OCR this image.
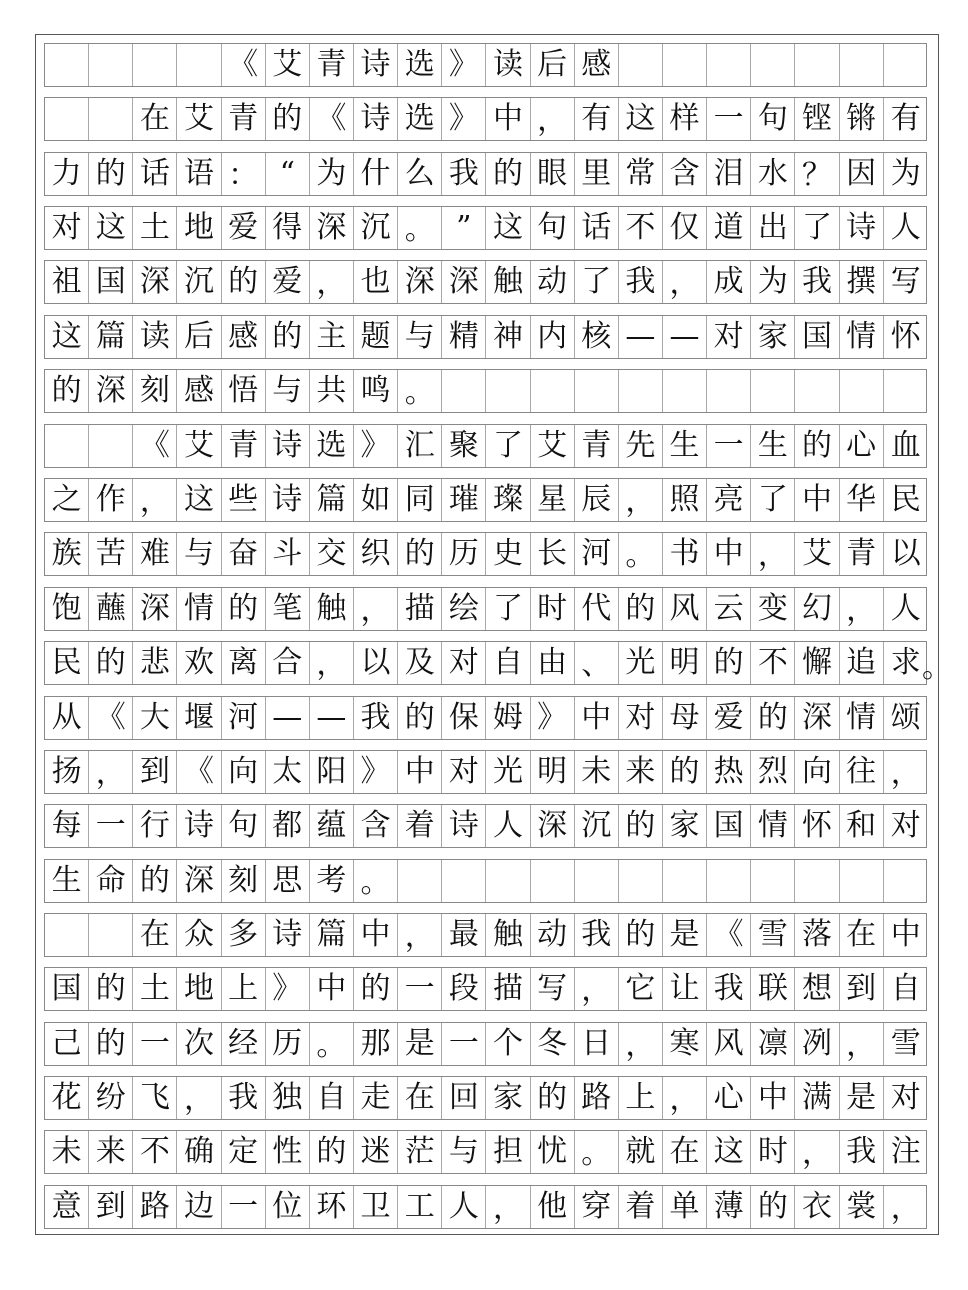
《 艾 青 诗 选 》 读 后 感
在 艾 青 的 《 诗 选 》 中 ， 有 这 样 一 句 铿 锵 有
力 的 话 语 ： “ 为 什 么 我 的 眼 里 常 含 泪 水 ？ 因 为
对 这 土 地 爱 得 深 沉 。 ” 这 句 话 不 仅 道 出 了 诗 人
祖 国 深 沉 的 爱 ， 也 深 深 触 动 了 我 ， 成 为 我 撰 写
这 篇 读 后 感 的 主 题 与 精 神 内 核 — — 对 家 国 情 怀
的 深 刻 感 悟 与 共 鸣 。
《 艾 青 诗 选 》 汇 聚 了 艾 青 先 生 一 生 的 心 血
之 作 ， 这 些 诗 篇 如 同 璀 璨 星 辰 ， 照 亮 了 中 华 民
族 苦 难 与 奋 斗 交 织 的 历 史 长 河 。 书 中 ， 艾 青 以
饱 蘸 深 情 的 笔 触 ， 描 绘 了 时 代 的 风 云 变 幻 ， 人
民 的 悲 欢 离 合 ， 以 及 对 自 由 、 光 明 的 不 懈 追 求 。
从 《 大 堰 河 — — 我 的 保 姆 》 中 对 母 爱 的 深 情 颂
扬 ， 到 《 向 太 阳 》 中 对 光 明 未 来 的 热 烈 向 往 ，
每 一 行 诗 句 都 蕴 含 着 诗 人 深 沉 的 家 国 情 怀 和 对
生 命 的 深 刻 思 考 。
在 众 多 诗 篇 中 ， 最 触 动 我 的 是 《 雪 落 在 中
国 的 土 地 上 》 中 的 一 段 描 写 ， 它 让 我 联 想 到 自
己 的 一 次 经 历 。 那 是 一 个 冬 日 ， 寒 风 凛 冽 ， 雪
花 纷 飞 ， 我 独 自 走 在 回 家 的 路 上 ， 心 中 满 是 对
未 来 不 确 定 性 的 迷 茫 与 担 忧 。 就 在 这 时 ， 我 注
意 到 路 边 一 位 环 卫 工 人 ， 他 穿 着 单 薄 的 衣 裳 ，
